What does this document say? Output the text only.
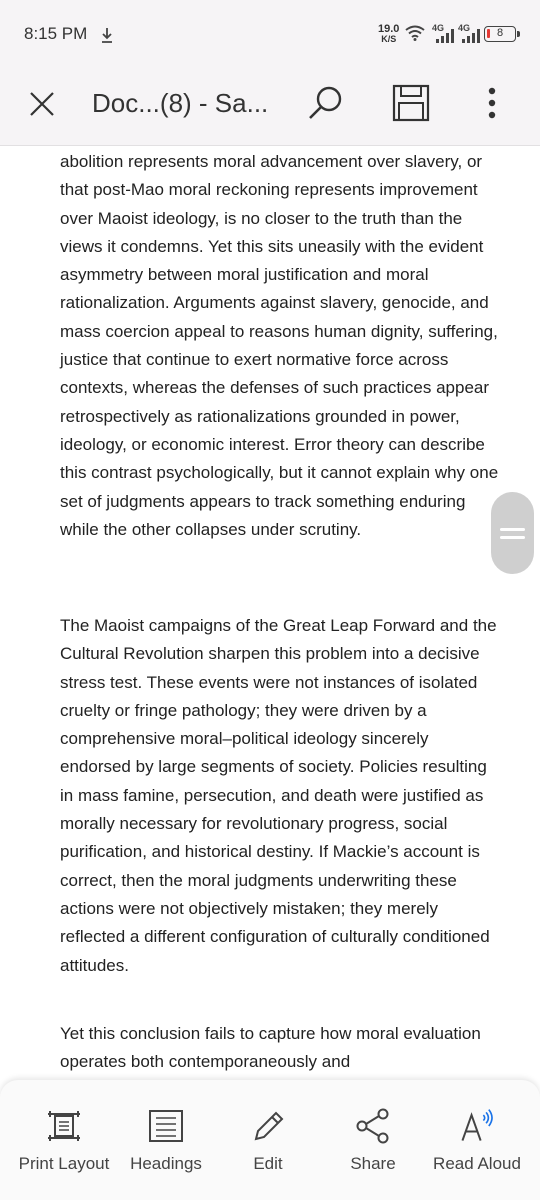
8:15 PM	19.0
K/S
4G 4G	8
Doc...(8) - Sa...

abolition represents moral advancement over slavery, or that post-Mao moral reckoning represents improvement over Maoist ideology, is no closer to the truth than the views it condemns. Yet this sits uneasily with the evident asymmetry between moral justification and moral rationalization. Arguments against slavery, genocide, and mass coercion appeal to reasons human dignity, suffering, justice that continue to exert normative force across contexts, whereas the defenses of such practices appear retrospectively as rationalizations grounded in power, ideology, or economic interest. Error theory can describe this contrast psychologically, but it cannot explain why one set of judgments appears to track something enduring while the other collapses under scrutiny.

The Maoist campaigns of the Great Leap Forward and the Cultural Revolution sharpen this problem into a decisive stress test. These events were not instances of isolated cruelty or fringe pathology; they were driven by a comprehensive moral–political ideology sincerely endorsed by large segments of society. Policies resulting in mass famine, persecution, and death were justified as morally necessary for revolutionary progress, social purification, and historical destiny. If Mackie’s account is correct, then the moral judgments underwriting these actions were not objectively mistaken; they merely reflected a different configuration of culturally conditioned attitudes.

Yet this conclusion fails to capture how moral evaluation operates both contemporaneously and

Print Layout Headings	Edit	Share Read Aloud
